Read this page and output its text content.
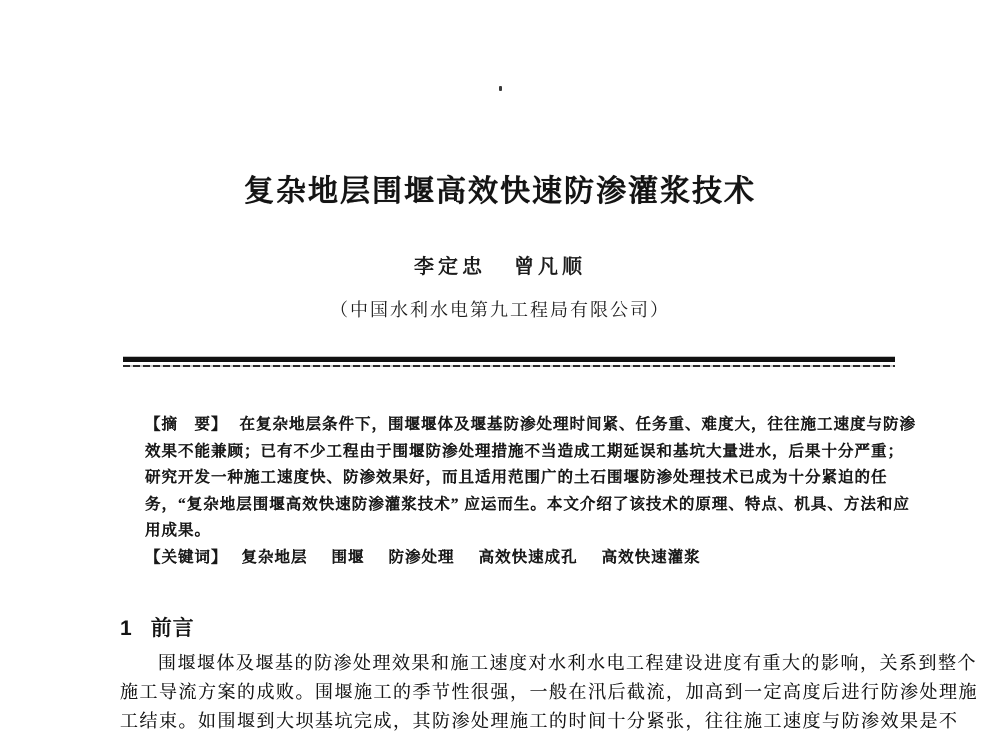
复杂地层围堰高效快速防渗灌浆技术
李定忠 曾凡顺
（中国水利水电第九工程局有限公司）
【摘　要】 在复杂地层条件下，围堰堰体及堰基防渗处理时间紧、任务重、难度大，往往施工速度与防渗
效果不能兼顾；已有不少工程由于围堰防渗处理措施不当造成工期延误和基坑大量进水，后果十分严重；
研究开发一种施工速度快、防渗效果好，而且适用范围广的土石围堰防渗处理技术已成为十分紧迫的任
务，“复杂地层围堰高效快速防渗灌浆技术” 应运而生。本文介绍了该技术的原理、特点、机具、方法和应
用成果。
【关键词】 复杂地层 围堰 防渗处理 高效快速成孔 高效快速灌浆
1 前言
围堰堰体及堰基的防渗处理效果和施工速度对水利水电工程建设进度有重大的影响，关系到整个
施工导流方案的成败。围堰施工的季节性很强，一般在汛后截流，加高到一定高度后进行防渗处理施
工结束。如围堰到大坝基坑完成，其防渗处理施工的时间十分紧张，往往施工速度与防渗效果是不
